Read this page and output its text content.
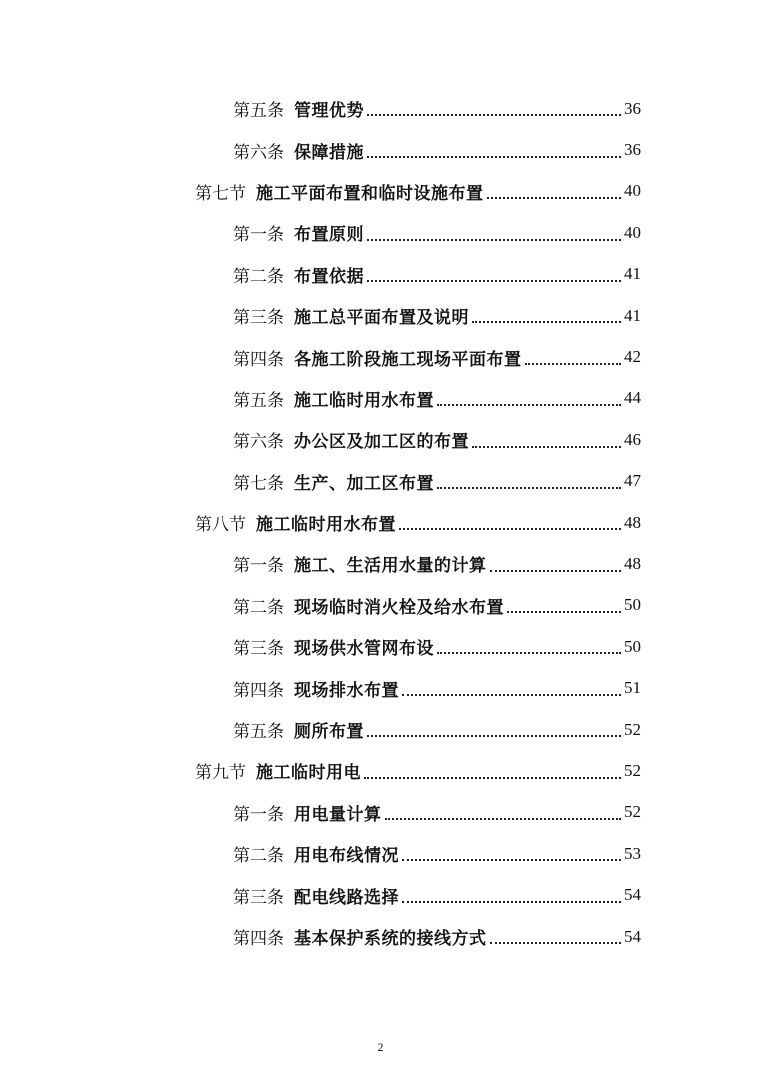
第五条 管理优势	36
第六条 保障措施	36
第七节 施工平面布置和临时设施布置	40
第一条 布置原则	40
第二条 布置依据	41
第三条 施工总平面布置及说明	41
第四条 各施工阶段施工现场平面布置	42
第五条 施工临时用水布置	44
第六条 办公区及加工区的布置	46
第七条 生产、加工区布置	47
第八节 施工临时用水布置	48
第一条 施工、生活用水量的计算	48
第二条 现场临时消火栓及给水布置	50
第三条 现场供水管网布设	50
第四条 现场排水布置	51
第五条 厕所布置	52
第九节 施工临时用电	52
第一条 用电量计算	52
第二条 用电布线情况	53
第三条 配电线路选择	54
第四条 基本保护系统的接线方式	54
2
